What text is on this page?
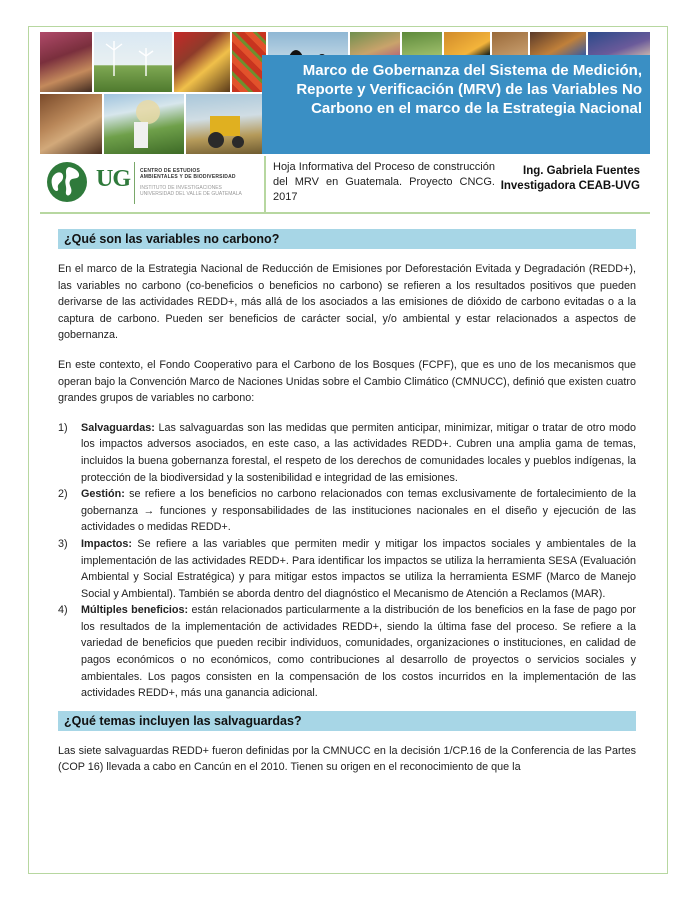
Marco de Gobernanza del Sistema de Medición,
Reporte y Verificación (MRV) de las Variables No
Carbono en el marco de la Estrategia Nacional
UG CENTRO DE ESTUDIOS
AMBIENTALES Y DE BIODIVERSIDAD
INSTITUTO DE INVESTIGACIONES
UNIVERSIDAD DEL VALLE DE GUATEMALA
Hoja Informativa del Proceso de construcción del MRV en Guatemala. Proyecto CNCG. 2017
Ing. Gabriela Fuentes
Investigadora CEAB-UVG
¿Qué son las variables no carbono?

En el marco de la Estrategia Nacional de Reducción de Emisiones por Deforestación Evitada y Degradación (REDD+), las variables no carbono (co-beneficios o beneficios no carbono) se refieren a los resultados positivos que pueden derivarse de las actividades REDD+, más allá de los asociados a las emisiones de dióxido de carbono evitadas o a la captura de carbono. Pueden ser beneficios de carácter social, y/o ambiental y estar relacionados a aspectos de gobernanza.

En este contexto, el Fondo Cooperativo para el Carbono de los Bosques (FCPF), que es uno de los mecanismos que operan bajo la Convención Marco de Naciones Unidas sobre el Cambio Climático (CMNUCC), definió que existen cuatro grandes grupos de variables no carbono:

1) Salvaguardas: Las salvaguardas son las medidas que permiten anticipar, minimizar, mitigar o tratar de otro modo los impactos adversos asociados, en este caso, a las actividades REDD+. Cubren una amplia gama de temas, incluidos la buena gobernanza forestal, el respeto de los derechos de comunidades locales y pueblos indígenas, la protección de la biodiversidad y la sostenibilidad e integridad de las emisiones.
2) Gestión: se refiere a los beneficios no carbono relacionados con temas exclusivamente de fortalecimiento de la gobernanza → funciones y responsabilidades de las instituciones nacionales en el diseño y ejecución de las actividades o medidas REDD+.
3) Impactos: Se refiere a las variables que permiten medir y mitigar los impactos sociales y ambientales de la implementación de las actividades REDD+. Para identificar los impactos se utiliza la herramienta SESA (Evaluación Ambiental y Social Estratégica) y para mitigar estos impactos se utiliza la herramienta ESMF (Marco de Manejo Social y Ambiental). También se aborda dentro del diagnóstico el Mecanismo de Atención a Reclamos (MAR).
4) Múltiples beneficios: están relacionados particularmente a la distribución de los beneficios en la fase de pago por los resultados de la implementación de actividades REDD+, siendo la última fase del proceso. Se refiere a la variedad de beneficios que pueden recibir individuos, comunidades, organizaciones o instituciones, en calidad de pagos económicos o no económicos, como contribuciones al desarrollo de proyectos o servicios sociales y ambientales. Los pagos consisten en la compensación de los costos incurridos en la implementación de las actividades REDD+, más una ganancia adicional.
¿Qué temas incluyen las salvaguardas?

Las siete salvaguardas REDD+ fueron definidas por la CMNUCC en la decisión 1/CP.16 de la Conferencia de las Partes (COP 16) llevada a cabo en Cancún en el 2010. Tienen su origen en el reconocimiento de que la
